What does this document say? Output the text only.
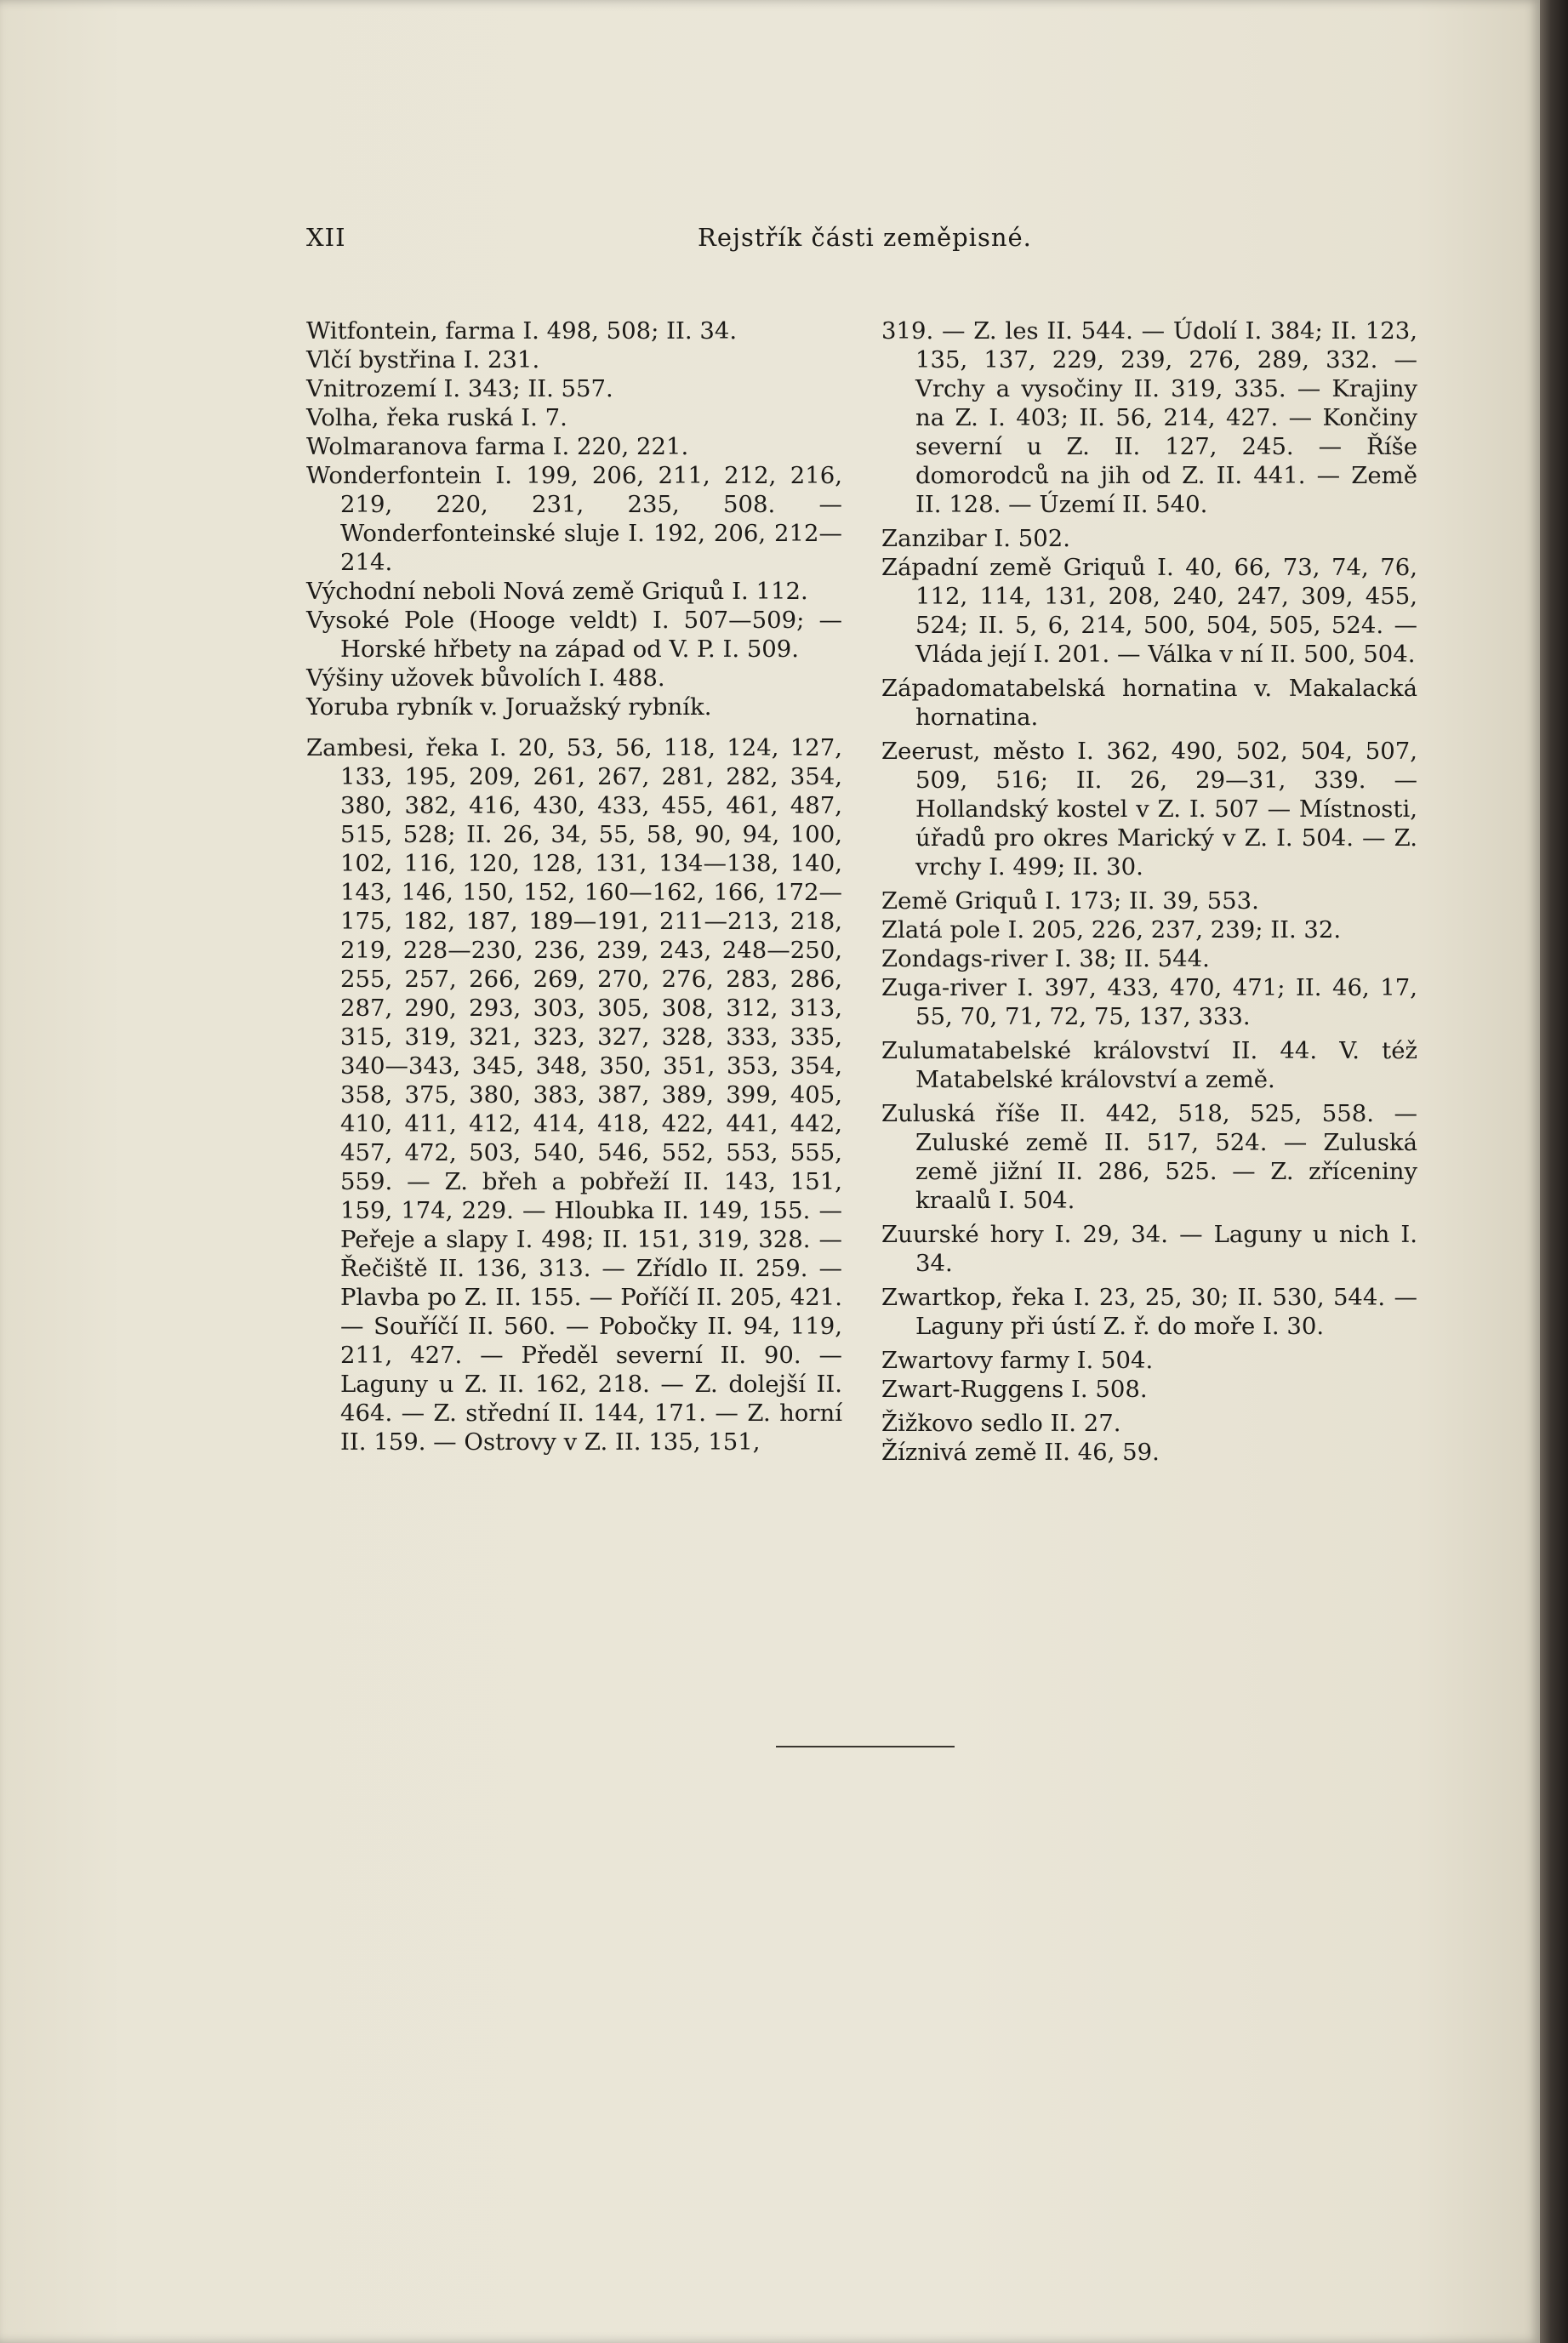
XII	Rejstřík části zeměpisné.

Witfontein, farma I. 498, 508; II. 34.

Vlčí bystřina I. 231.

Vnitrozemí I. 343; II. 557.

Volha, řeka ruská I. 7.

Wolmaranova farma I. 220, 221.

Wonderfontein I. 199, 206, 211, 212, 216, 219, 220, 231, 235, 508. — Wonderfonteinské sluje I. 192, 206, 212—214.

Východní neboli Nová země Griquů I. 112.

Vysoké Pole (Hooge veldt) I. 507—509; — Horské hřbety na západ od V. P. I. 509.

Výšiny užovek bůvolích I. 488.

Yoruba rybník v. Joruažský rybník.

Zambesi, řeka I. 20, 53, 56, 118, 124, 127, 133, 195, 209, 261, 267, 281, 282, 354, 380, 382, 416, 430, 433, 455, 461, 487, 515, 528; II. 26, 34, 55, 58, 90, 94, 100, 102, 116, 120, 128, 131, 134—138, 140, 143, 146, 150, 152, 160—162, 166, 172—175, 182, 187, 189—191, 211—213, 218, 219, 228—230, 236, 239, 243, 248—250, 255, 257, 266, 269, 270, 276, 283, 286, 287, 290, 293, 303, 305, 308, 312, 313, 315, 319, 321, 323, 327, 328, 333, 335, 340—343, 345, 348, 350, 351, 353, 354, 358, 375, 380, 383, 387, 389, 399, 405, 410, 411, 412, 414, 418, 422, 441, 442, 457, 472, 503, 540, 546, 552, 553, 555, 559. — Z. břeh a pobřeží II. 143, 151, 159, 174, 229. — Hloubka II. 149, 155. — Peřeje a slapy I. 498; II. 151, 319, 328. — Řečiště II. 136, 313. — Zřídlo II. 259. — Plavba po Z. II. 155. — Poříčí II. 205, 421. — Souříčí II. 560. — Pobočky II. 94, 119, 211, 427. — Předěl severní II. 90. — Laguny u Z. II. 162, 218. — Z. dolejší II. 464. — Z. střední II. 144, 171. — Z. horní II. 159. — Ostrovy v Z. II. 135, 151,

319. — Z. les II. 544. — Údolí I. 384; II. 123, 135, 137, 229, 239, 276, 289, 332. — Vrchy a vysočiny II. 319, 335. — Krajiny na Z. I. 403; II. 56, 214, 427. — Končiny severní u Z. II. 127, 245. — Říše domorodců na jih od Z. II. 441. — Země II. 128. — Území II. 540.

Zanzibar I. 502.

Západní země Griquů I. 40, 66, 73, 74, 76, 112, 114, 131, 208, 240, 247, 309, 455, 524; II. 5, 6, 214, 500, 504, 505, 524. — Vláda její I. 201. — Válka v ní II. 500, 504.

Západomatabelská hornatina v. Makalacká hornatina.

Zeerust, město I. 362, 490, 502, 504, 507, 509, 516; II. 26, 29—31, 339. — Hollandský kostel v Z. I. 507 — Místnosti, úřadů pro okres Marický v Z. I. 504. — Z. vrchy I. 499; II. 30.

Země Griquů I. 173; II. 39, 553.

Zlatá pole I. 205, 226, 237, 239; II. 32.

Zondags-river I. 38; II. 544.

Zuga-river I. 397, 433, 470, 471; II. 46, 17, 55, 70, 71, 72, 75, 137, 333.

Zulumatabelské království II. 44. V. též Matabelské království a země.

Zuluská říše II. 442, 518, 525, 558. — Zuluské země II. 517, 524. — Zuluská země jižní II. 286, 525. — Z. zříceniny kraalů I. 504.

Zuurské hory I. 29, 34. — Laguny u nich I. 34.

Zwartkop, řeka I. 23, 25, 30; II. 530, 544. — Laguny při ústí Z. ř. do moře I. 30.

Zwartovy farmy I. 504.

Zwart-Ruggens I. 508.

Žižkovo sedlo II. 27.

Žíznivá země II. 46, 59.
